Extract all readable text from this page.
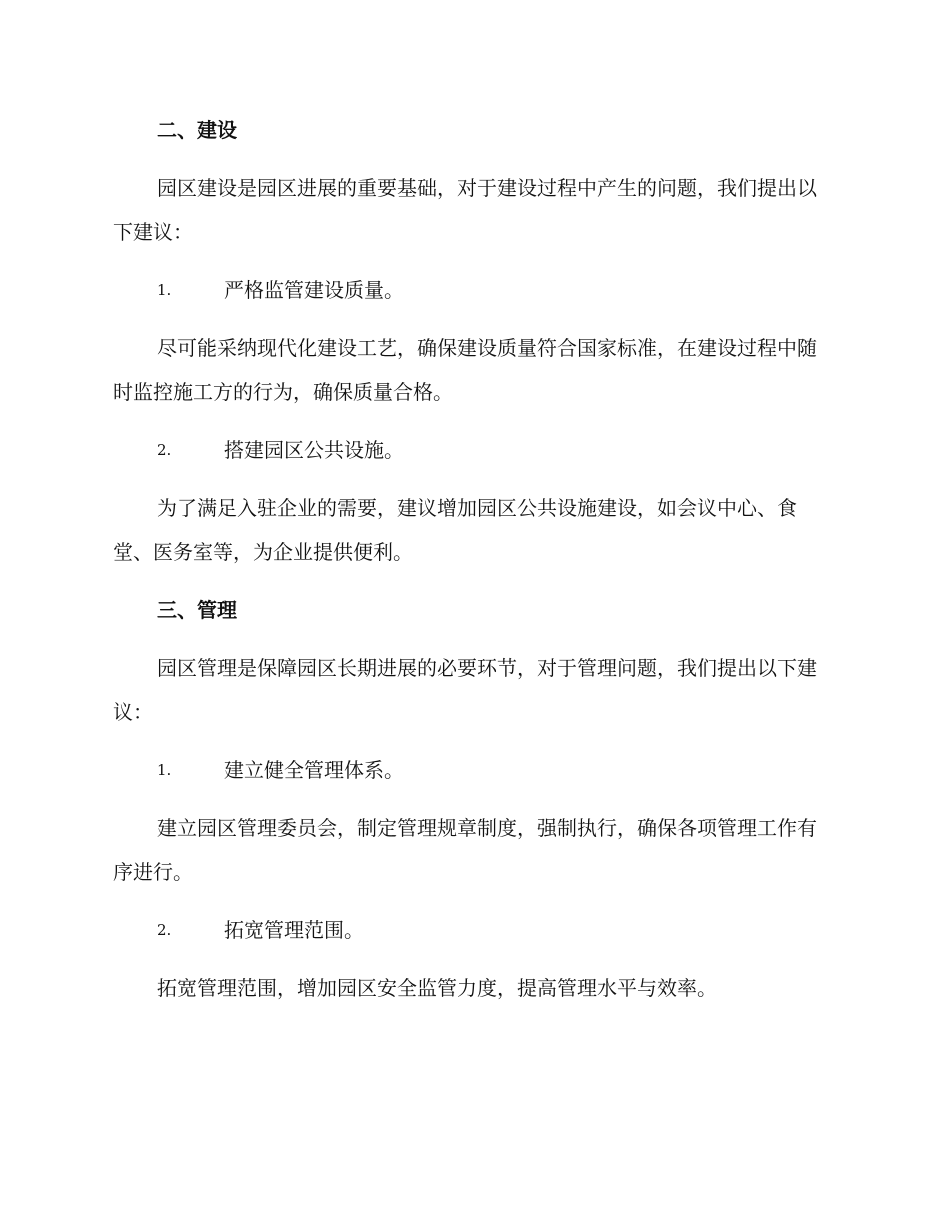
二、建设
园区建设是园区进展的重要基础，对于建设过程中产生的问题，我们提出以下建议：
1.	严格监管建设质量。
尽可能采纳现代化建设工艺，确保建设质量符合国家标准，在建设过程中随时监控施工方的行为，确保质量合格。
2.	搭建园区公共设施。
为了满足入驻企业的需要，建议增加园区公共设施建设，如会议中心、食堂、医务室等，为企业提供便利。
三、管理
园区管理是保障园区长期进展的必要环节，对于管理问题，我们提出以下建议：
1.	建立健全管理体系。
建立园区管理委员会，制定管理规章制度，强制执行，确保各项管理工作有序进行。
2.	拓宽管理范围。
拓宽管理范围，增加园区安全监管力度，提高管理水平与效率。
